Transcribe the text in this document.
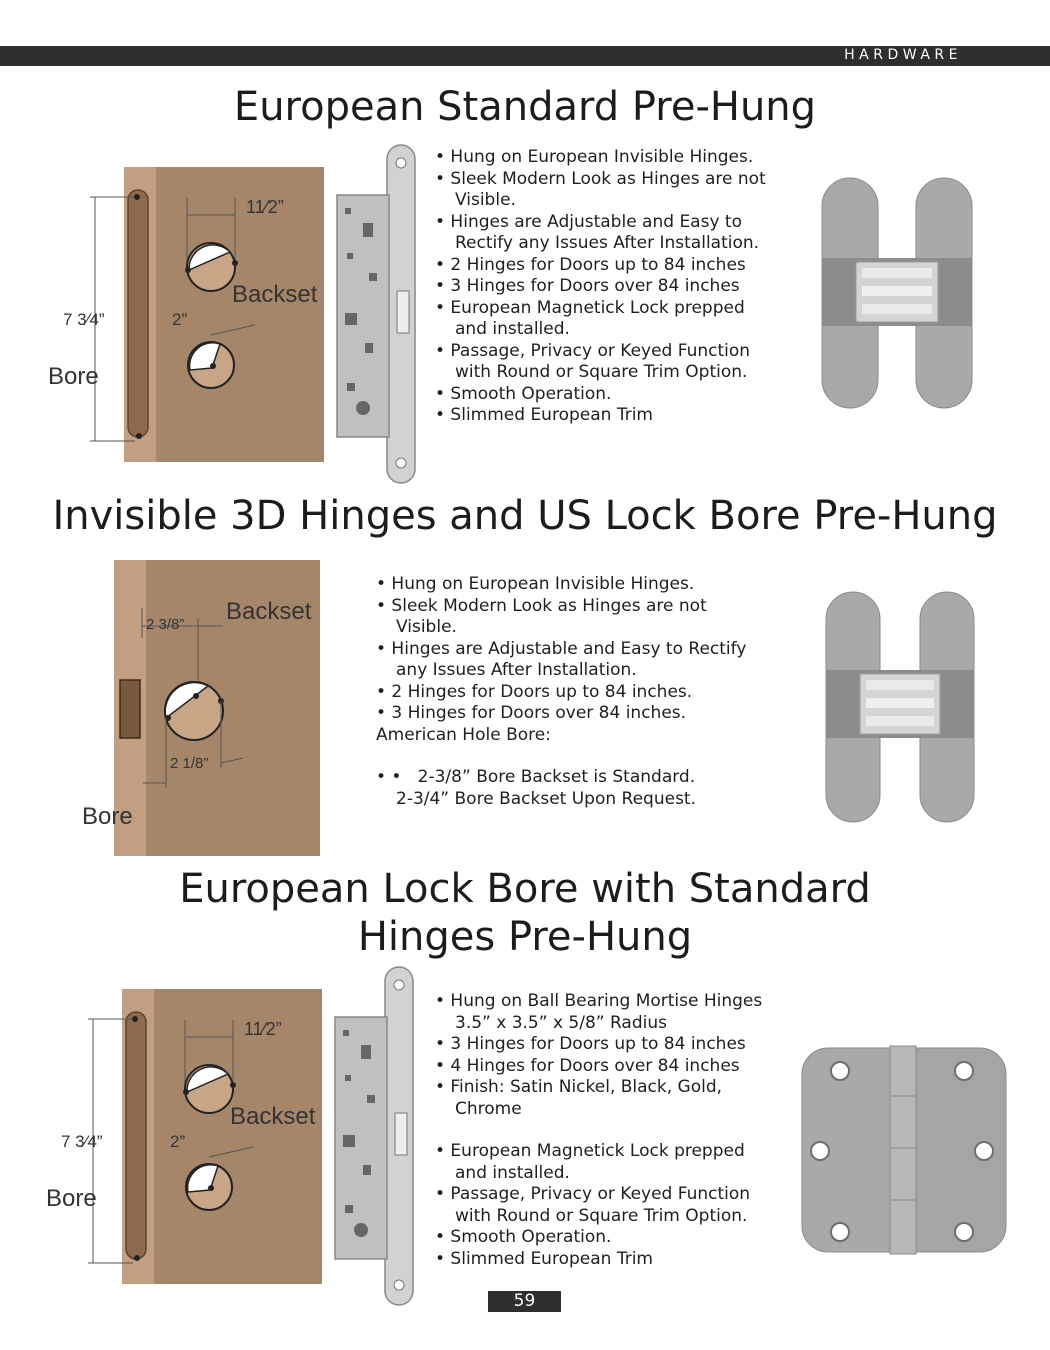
HARDWARE
European Standard Pre-Hung
11⁄2”
Backset
7 3⁄4”	2”
Bore
• Hung on European Invisible Hinges.
• Sleek Modern Look as Hinges are not
Visible.
• Hinges are Adjustable and Easy to
Rectify any Issues After Installation.
• 2 Hinges for Doors up to 84 inches
• 3 Hinges for Doors over 84 inches
• European Magnetick Lock prepped
and installed.
• Passage, Privacy or Keyed Function
with Round or Square Trim Option.
• Smooth Operation.
• Slimmed European Trim
Invisible 3D Hinges and US Lock Bore Pre-Hung
2 3/8” Backset
2 1/8”
Bore
• Hung on European Invisible Hinges.
• Sleek Modern Look as Hinges are not
Visible.
• Hinges are Adjustable and Easy to Rectify
any Issues After Installation.
• 2 Hinges for Doors up to 84 inches.
• 3 Hinges for Doors over 84 inches.
American Hole Bore:
• •   2-3/8” Bore Backset is Standard.
2-3/4” Bore Backset Upon Request.
European Lock Bore with Standard
Hinges Pre-Hung
11⁄2”
Backset
7 3⁄4”	2”
Bore
• Hung on Ball Bearing Mortise Hinges
3.5” x 3.5” x 5/8” Radius
• 3 Hinges for Doors up to 84 inches
• 4 Hinges for Doors over 84 inches
• Finish: Satin Nickel, Black, Gold,
Chrome
• European Magnetick Lock prepped
and installed.
• Passage, Privacy or Keyed Function
with Round or Square Trim Option.
• Smooth Operation.
• Slimmed European Trim
59
